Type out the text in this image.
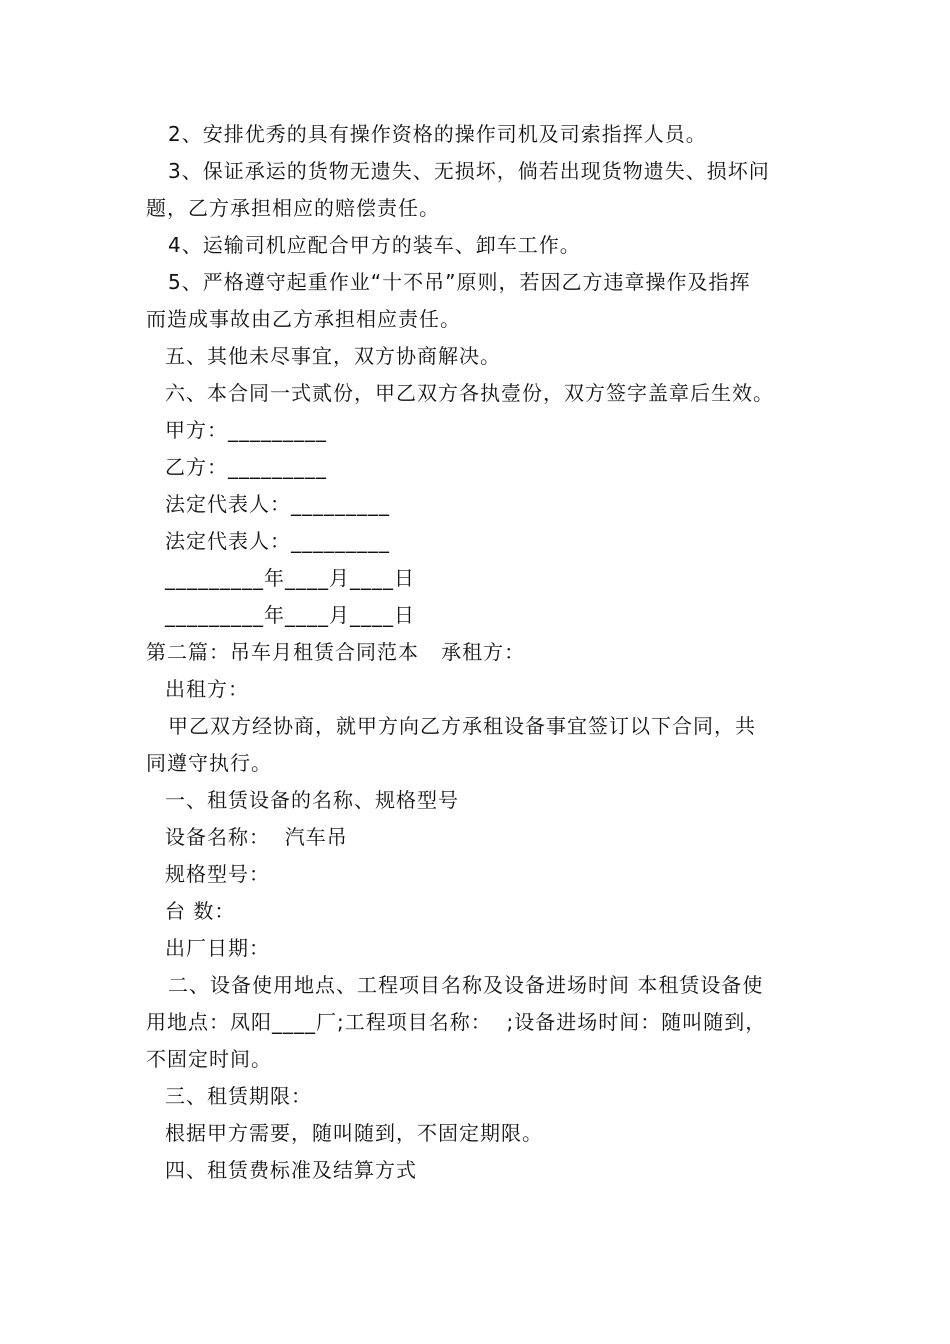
2、安排优秀的具有操作资格的操作司机及司索指挥人员。
3、保证承运的货物无遗失、无损坏，倘若出现货物遗失、损坏问
题，乙方承担相应的赔偿责任。
4、运输司机应配合甲方的装车、卸车工作。
5、严格遵守起重作业“十不吊”原则，若因乙方违章操作及指挥
而造成事故由乙方承担相应责任。
五、其他未尽事宜，双方协商解决。
六、本合同一式贰份，甲乙双方各执壹份，双方签字盖章后生效。
甲方：_________
乙方：_________
法定代表人：_________
法定代表人：_________
_________年____月____日
_________年____月____日
第二篇：吊车月租赁合同范本   承租方：
出租方：
甲乙双方经协商，就甲方向乙方承租设备事宜签订以下合同，共
同遵守执行。
一、租赁设备的名称、规格型号
设备名称：  汽车吊
规格型号：
台 数：
出厂日期：
二、设备使用地点、工程项目名称及设备进场时间 本租赁设备使
用地点：凤阳____厂;工程项目名称：  ;设备进场时间：随叫随到，
不固定时间。
三、租赁期限：
根据甲方需要，随叫随到，不固定期限。
四、租赁费标准及结算方式
